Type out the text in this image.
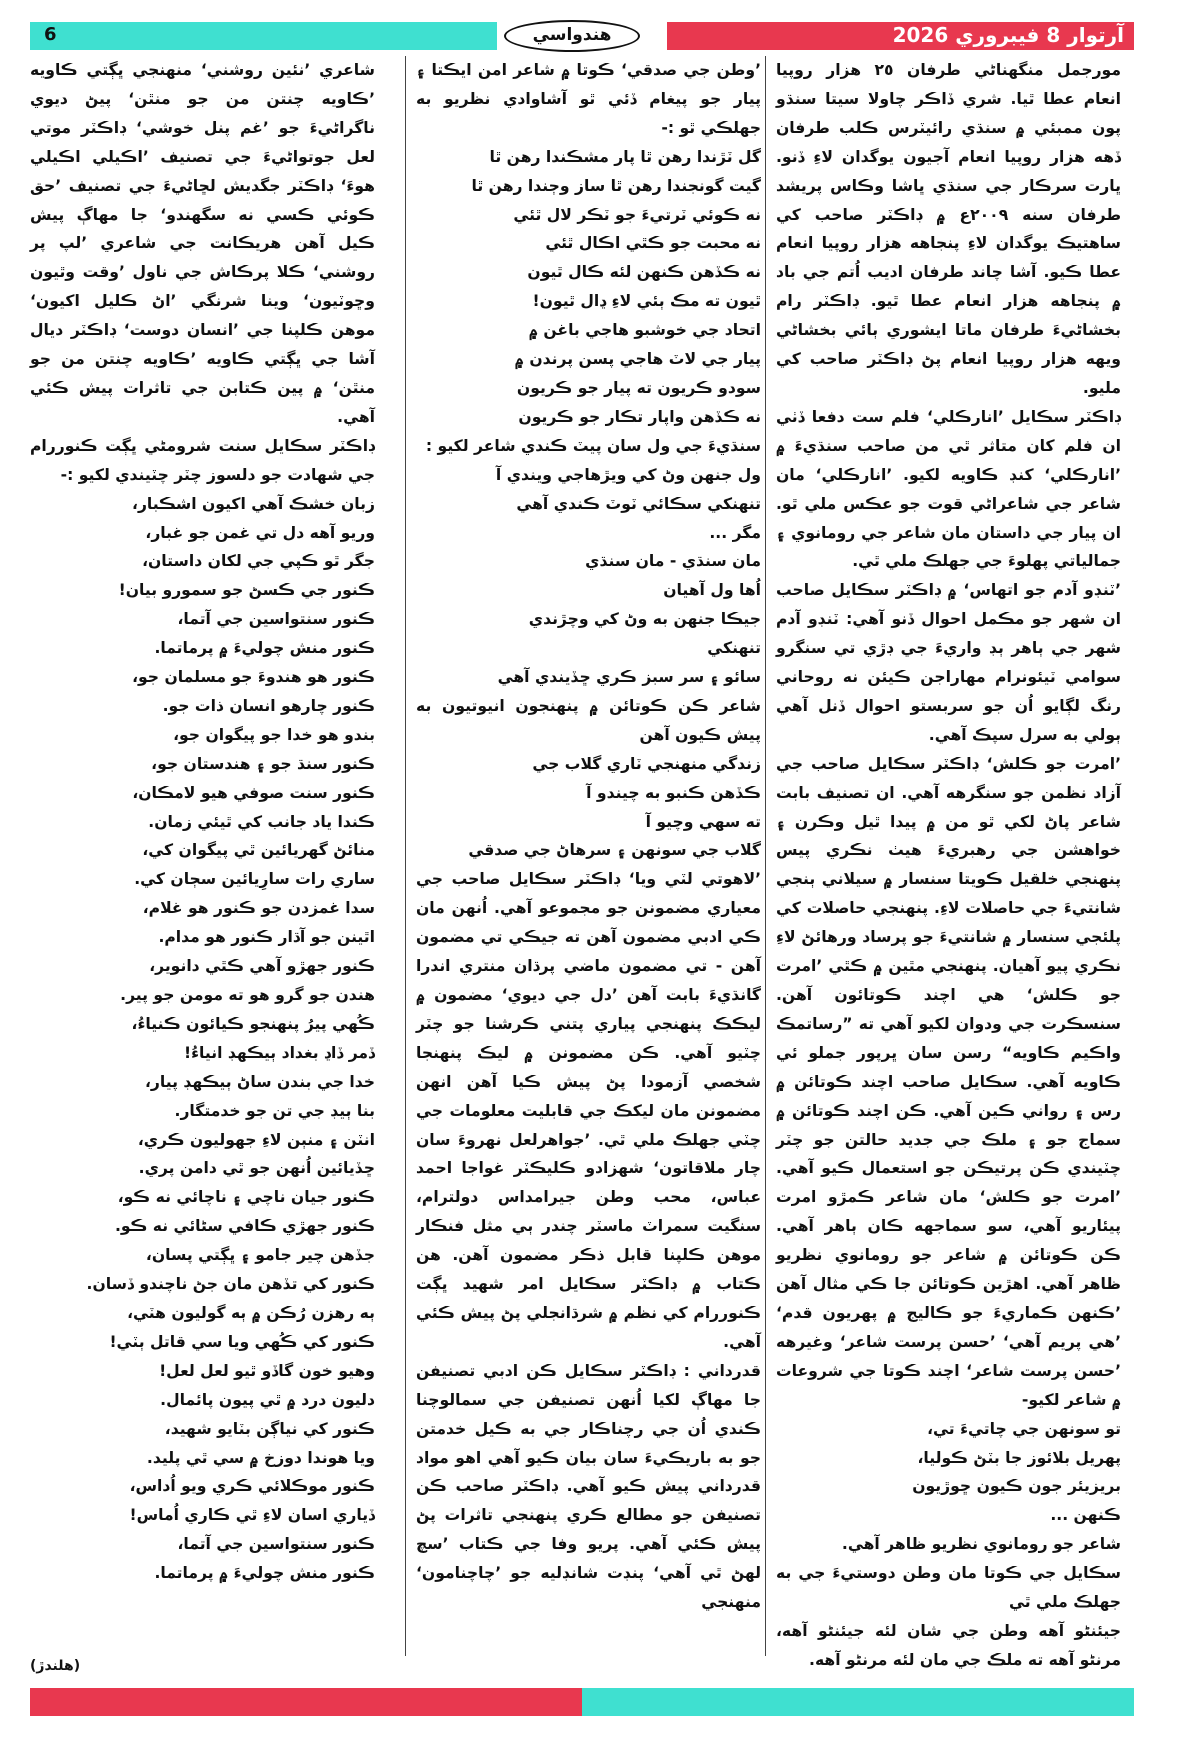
6	آرتوار 8 فيبروري 2026
هندواسي

مورجمل منگهناڻي طرفان ٢٥ هزار روپيا انعام عطا ٿيا. شري ڏاڪر چاولا سيتا سنڌو پون ممبئي ۾ سنڌي رائيٽرس ڪلب طرفان ڏهه هزار روپيا انعام آجيون يوگدان لاءِ ڏنو. ڀارت سرڪار جي سنڌي ڀاشا وڪاس پريشد طرفان سنه ٢٠٠٩ع ۾ ڊاڪٽر صاحب کي ساهتيڪ يوگدان لاءِ پنجاهه هزار روپيا انعام عطا ڪيو. آشا چاند طرفان اديب اُتم جي باد ۾ پنجاهه هزار انعام عطا ٿيو. ڊاڪٽر رام بخشاڻيءَ طرفان ماتا ايشوري ٻائي بخشاڻي ويهه هزار روپيا انعام پڻ ڊاڪٽر صاحب کي مليو.

ڊاڪٽر سڪايل ’انارڪلي‘ فلم ست دفعا ڏٺي ان فلم کان متاثر ٿي من صاحب سنڌيءَ ۾ ’انارڪلي‘ کنڊ ڪاويه لکيو. ’انارڪلي‘ مان شاعر جي شاعراڻي قوت جو عڪس ملي ٿو. ان پيار جي داستان مان شاعر جي رومانوي ۽ جمالياتي پهلوءَ جي جهلڪ ملي ٿي.

’ٽنڊو آدم جو اتهاس‘ ۾ ڊاڪٽر سڪايل صاحب ان شهر جو مڪمل احوال ڏنو آهي: ٽنڊو آدم شهر جي ٻاهر ٻڊ واريءَ جي ڊڙي تي سنگرو سوامي ٽيئونرام مهاراجن ڪيئن نه روحاني رنگ لڳايو اُن جو سربستو احوال ڏنل آهي ٻولي به سرل سپڪ آهي.

’امرت جو ڪلش‘ ڊاڪٽر سڪايل صاحب جي آزاد نظمن جو سنگرهه آهي. ان تصنيف بابت شاعر پاڻ لکي ٿو من ۾ پيدا ٿيل وڪرن ۽ خواهشن جي رهبريءَ هيٺ نڪري پيس پنهنجي خلقيل ڪويتا سنسار ۾ سيلاني ٻنجي شانتيءَ جي حاصلات لاءِ. پنهنجي حاصلات کي پلئجي سنسار ۾ شانتيءَ جو پرساد ورهائڻ لاءِ نڪري پيو آهيان. پنهنجي مٿين ۾ ڪٿي ’امرت جو ڪلش‘ هي اچند ڪوتائون آهن. سنسڪرت جي ودوان لکيو آهي ته ”رساتمڪ واڪيم ڪاويه“ رسن سان ڀرپور جملو ئي ڪاويه آهي. سڪايل صاحب اچند ڪوتائن ۾ رس ۽ رواني ڪين آهي. ڪن اچند ڪوتائن ۾ سماج جو ۽ ملڪ جي جديد حالتن جو چٽر چٽيندي ڪن پرتيڪن جو استعمال ڪيو آهي. ’امرت جو ڪلش‘ مان شاعر ڪمڙو امرت پيئاريو آهي، سو سماجهه ڪان ٻاهر آهي. ڪن ڪوتائن ۾ شاعر جو رومانوي نظريو ظاهر آهي. اهڙين ڪوتائن جا ڪي مثال آهن ’ڪنهن ڪماريءَ جو ڪاليج ۾ پهريون قدم‘ ’هي پريم آهي‘ ’حسن پرست شاعر‘ وغيرهه ’حسن پرست شاعر‘ اچند ڪوتا جي شروعات ۾ شاعر لکيو-

تو سونهن جي چاتيءَ تي،

پهريل بلائوز جا بٽڻ ڪوليا،

بريزيئر جون ڪيون ڇوڙيون

ڪنهن ...

شاعر جو رومانوي نظريو ظاهر آهي.

سڪايل جي ڪوتا مان وطن دوستيءَ جي به جهلڪ ملي ٿي

جيئنڻو آهه وطن جي شان لئه جيئنڻو آهه، مرنڻو آهه ته ملڪ جي مان لئه مرنڻو آهه.

’وطن جي صدقي‘ ڪوتا ۾ شاعر امن ايڪتا ۽ پيار جو پيغام ڏئي ٿو آشاوادي نظريو به جهلڪي ٿو :-

گل ٽڙندا رهن ٿا پار مشڪندا رهن ٿا

گيت گونجندا رهن ٿا ساز وڄندا رهن ٿا

نه ڪوئي ٽرتيءَ جو ٽڪر لال ٿئي

نه محبت جو ڪٿي اڪال ٿئي

نه ڪڏهن ڪنهن لئه ڪال ٿيون

ٿيون ته مڪ ٻئي لاءِ ڍال ٿيون!

اتحاد جي خوشبو هاجي باغن ۾

پيار جي لاٽ هاجي پسن پرندن ۾

سودو ڪريون ته پيار جو ڪريون

نه ڪڏهن واپار تڪار جو ڪريون

سنڌيءَ جي ول سان پيٽ ڪندي شاعر لکيو :

ول جنهن وڻ کي ويڙهاجي ويندي آ

تنهنکي سڪائي ٽوٽ ڪندي آهي

مگر ...

مان سنڌي - مان سنڌي

اُها ول آهيان

جيڪا جنهن به وڻ کي وچڙندي

تنهنکي

سائو ۽ سر سبز ڪري ڇڏيندي آهي

شاعر ڪن ڪوتائن ۾ پنهنجون انيوتيون به پيش ڪيون آهن

زندگي منهنجي ٽاري گلاب جي

ڪڏهن ڪنبو به چيندو آ

ته سهي وچيو آ

گلاب جي سونهن ۽ سرهاڻ جي صدقي

’لاهوتي لٽي ويا‘ ڊاڪٽر سڪايل صاحب جي معياري مضمونن جو مجموعو آهي. اُنهن مان ڪي ادبي مضمون آهن ته جيڪي تي مضمون آهن - تي مضمون ماضي پرڌان منتري اندرا گانڌيءَ بابت آهن ’دل جي ديوي‘ مضمون ۾ ليڪڪ پنهنجي پياري پتني ڪرشنا جو چٽر چٽيو آهي. ڪن مضمونن ۾ ليڪ پنهنجا شخصي آزمودا پڻ پيش ڪيا آهن انهن مضمونن مان ليکڪ جي قابليت معلومات جي چٽي جهلڪ ملي ٿي. ’جواهرلعل نهروءَ سان چار ملاقاتون‘ شهزادو ڪليڪٽر غواجا احمد عباس، محب وطن جيرامداس دولترام، سنگيت سمراٽ ماسٽر چندر ٻي مثل فنڪار موهن ڪلپنا قابل ذڪر مضمون آهن. هن ڪتاب ۾ ڊاڪٽر سڪايل امر شهيد ڀڳت ڪنوررام کي نظم ۾ شرڌانجلي پڻ پيش ڪئي آهي.

قدرداني : ڊاڪٽر سڪايل ڪن ادبي تصنيفن جا مهاڳ لکيا اُنهن تصنيفن جي سمالوچنا ڪندي اُن جي رچناڪار جي به ڪيل خدمتن جو به باريڪيءَ سان بيان ڪيو آهي اهو مواد قدرداني پيش ڪيو آهي. ڊاڪٽر صاحب ڪن تصنيفن جو مطالع ڪري پنهنجي تاثرات پڻ پيش ڪئي آهي. پريو وفا جي ڪتاب ’سچ لهڻ ٿي آهي‘ پنڊت شانڊليه جو ’چاچنامون‘ منهنجي

شاعري ’نئين روشني‘ منهنجي ڀڳتي ڪاويه ’ڪاويه چنتن من جو منٿن‘ پيڻ ديوي ناگراڻيءَ جو ’غم پنل خوشي‘ ڊاڪٽر موتي لعل جوتواڻيءَ جي تصنيف ’اڪيلي اڪيلي هوءَ‘ ڊاڪٽر جگديش لڇاڻيءَ جي تصنيف ’حق ڪوئي ڪسي نه سگهندو‘ جا مهاڳ پيش ڪيل آهن هريڪانت جي شاعري ’لپ پر روشني‘ ڪلا پرڪاش جي ناول ’وقت وٿيون وڇوٽيون‘ وينا شرنگي ’اڻ ڪليل اکيون‘ موهن ڪلپنا جي ’انسان دوست‘ ڊاڪٽر ديال آشا جي ڀڳتي ڪاويه ’ڪاويه چنتن من جو منٿن‘ ۾ پين ڪتابن جي تاثرات پيش ڪئي آهي.

ڊاڪٽر سڪايل سنت شرومڻي ڀڳت ڪنوررام جي شهادت جو دلسوز چٽر چٽيندي لکيو :-

زبان خشڪ آهي اکيون اشڪبار،

وريو آهه دل تي غمن جو غبار،

جگر ٿو ڪپي جي لکان داستان،

ڪنور جي ڪسڻ جو سمورو بيان!

ڪنور سنتواسين جي آتما،

ڪنور منش چوليءَ ۾ پرماتما.

ڪنور هو هندوءَ جو مسلمان جو،

ڪنور چارهو انسان ذات جو.

بندو هو خدا جو پيگوان جو،

ڪنور سنڌ جو ۽ هندستان جو،

ڪنور سنت صوفي هيو لامڪان،

ڪندا ياد جانب کي ٿيئي زمان.

منائڻ گهريائين ٿي پيگوان کي،

ساري رات سارِيائين سڄان کي.

سدا غمزدن جو ڪنور هو غلام،

اٿينن جو آڌار ڪنور هو مدام.

ڪنور جهڙو آهي ڪٿي دانوير،

هندن جو گرو هو ته مومن جو پير.

ڪُهي پيرُ پنهنجو ڪيائون ڪنياءُ،

ڏمر ڏاڍ بغداد ٻيڪهڊ انياءُ!

خدا جي بندن ساڻ ٻيڪهڊ پيار،

بنا ٻيڊ جي تن جو خدمتگار.

انٽن ۽ منٻن لاءِ جهوليون ڪري،

ڇڏيائين اُنهن جو ٿي دامن پري.

ڪنور جيان ناچي ۽ ناچائي نه ڪو،

ڪنور جهڙي ڪافي سڻائي نه ڪو.

جڏهن چير جامو ۽ ڀڳتي پسان،

ڪنور کي تڏهن مان جڻ ناچندو ڏسان.

ٻه رهزن رُڪن ۾ ٻه گوليون هٽي،

ڪنور کي ڪُهي ويا سي قاتل ٻٽي!

وهيو خون گاڏو ٿيو لعل لعل!

دليون درد ۾ ٿي پيون پائمال.

ڪنور کي نياڳن بٽايو شهيد،

ويا هوندا دوزخ ۾ سي ٿي پليد.

ڪنور موڪلائي ڪري ويو اُداس،

ڏياري اسان لاءِ ٿي ڪاري اُماس!

ڪنور سنتواسين جي آتما،

ڪنور منش چوليءَ ۾ پرماتما.

(هلندڙ)
